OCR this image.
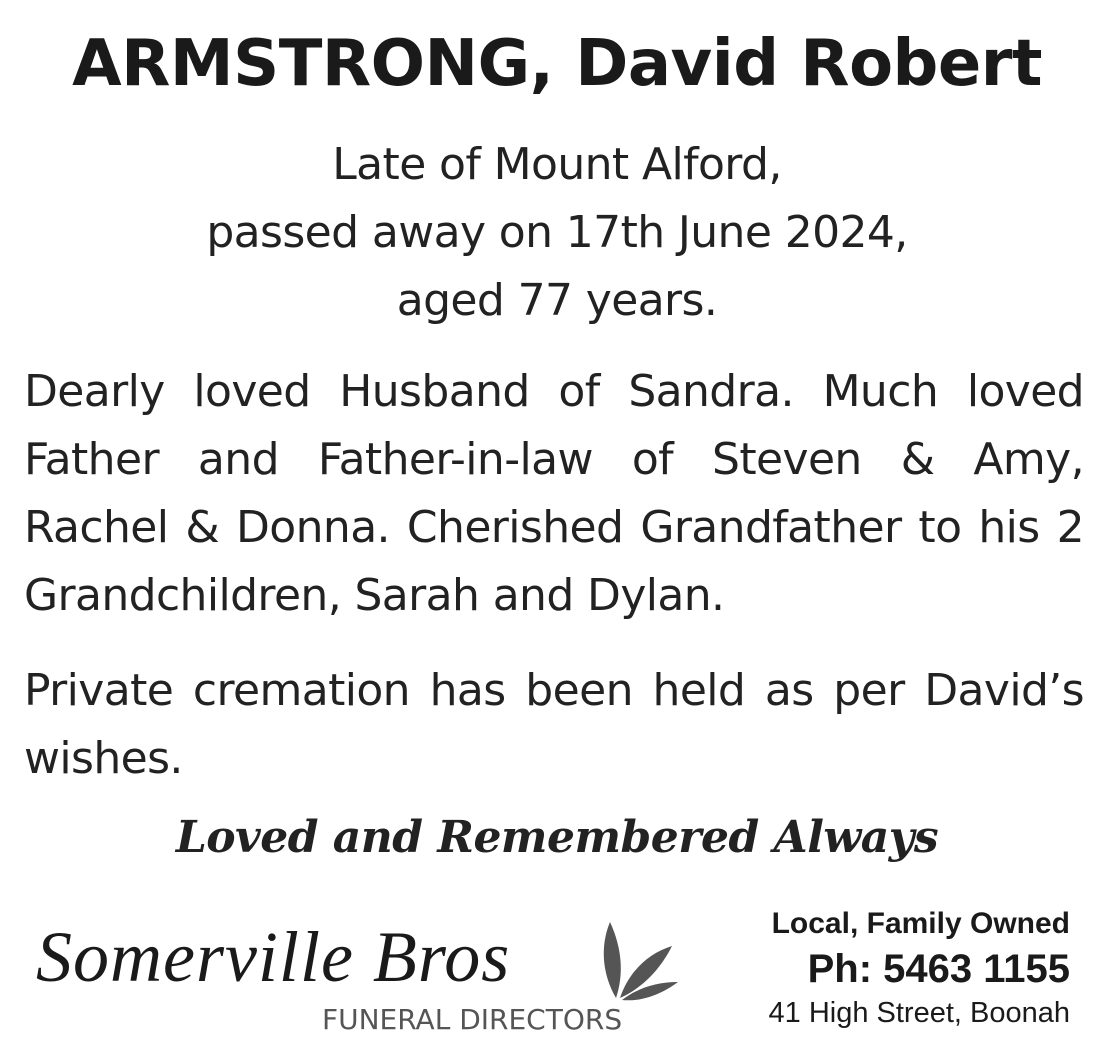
ARMSTRONG, David Robert
Late of Mount Alford,
passed away on 17th June 2024,
aged 77 years.
Dearly loved Husband of Sandra. Much loved Father and Father-in-law of Steven & Amy, Rachel & Donna. Cherished Grandfather to his 2 Grandchildren, Sarah and Dylan.
Private cremation has been held as per David’s wishes.
Loved and Remembered Always
Somerville Bros
FUNERAL DIRECTORS
Local, Family Owned
Ph: 5463 1155
41 High Street, Boonah
